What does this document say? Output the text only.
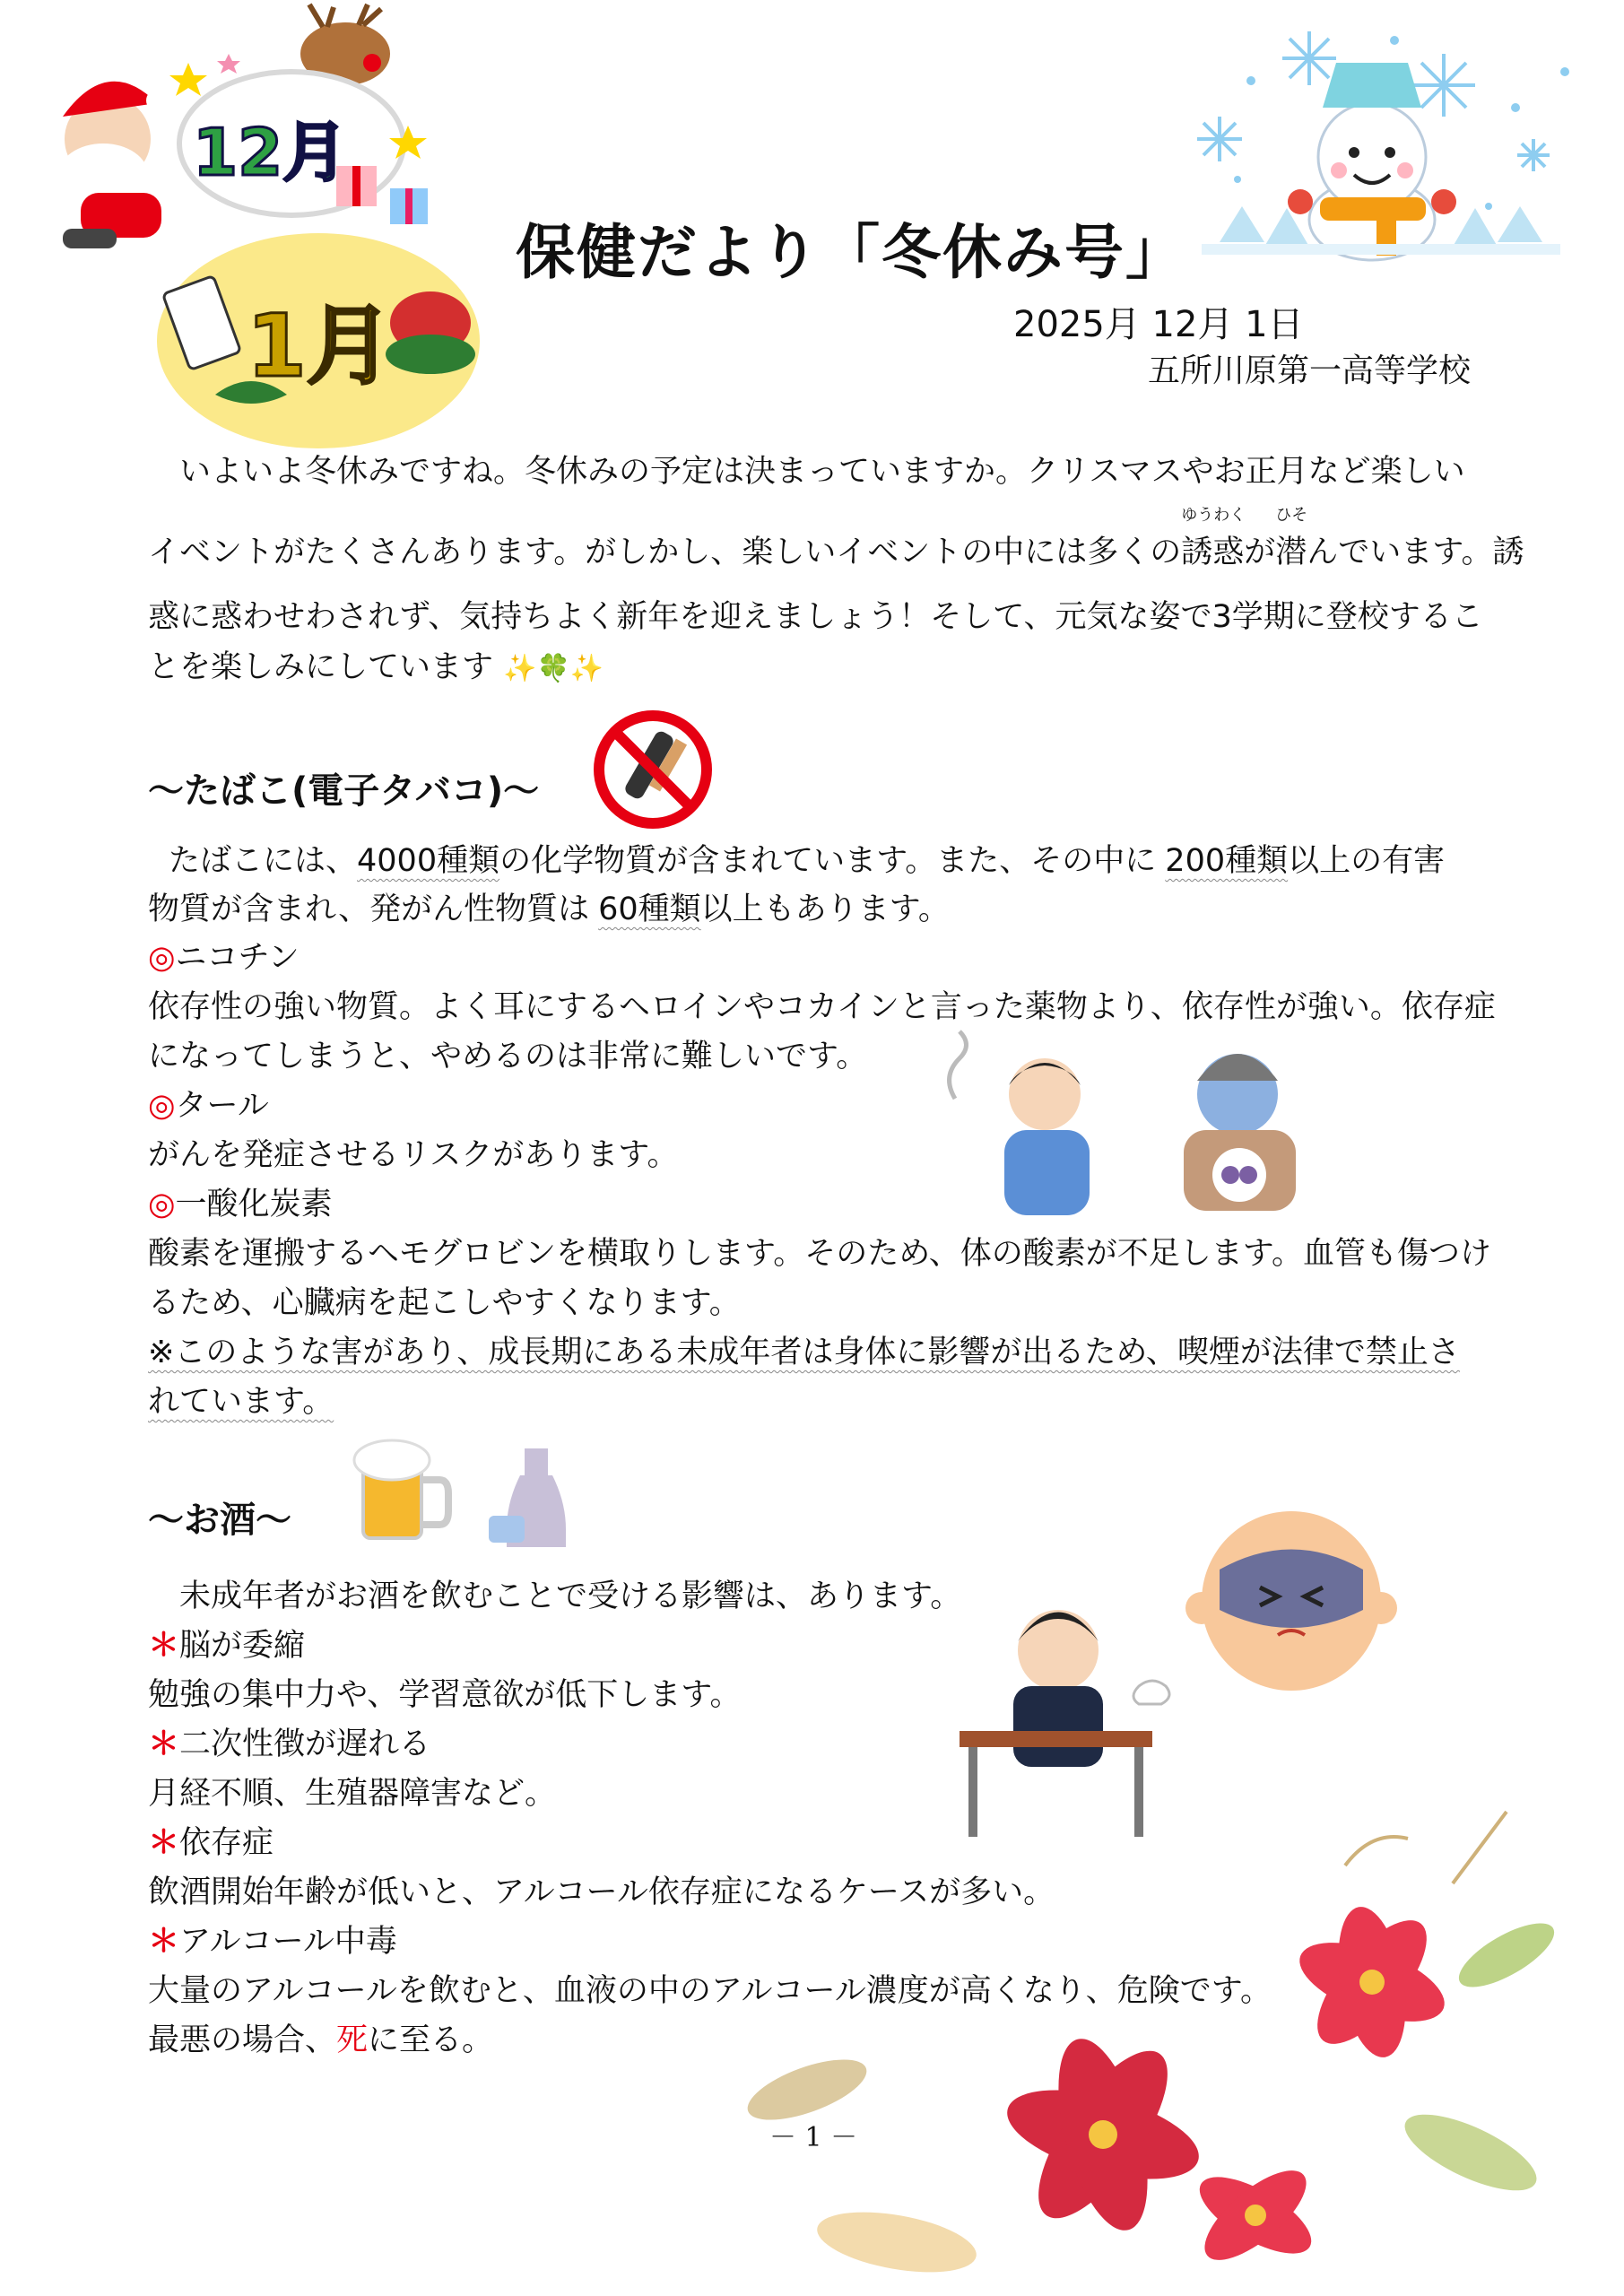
12月
1月
保健だより「冬休み号」
2025月 12月 1日
五所川原第一高等学校
いよいよ冬休みですね。冬休みの予定は決まっていますか。クリスマスやお正月など楽しい
イベントがたくさんあります。がしかし、楽しいイベントの中には多くの
ゆうわく
誘惑が
ひそ
潜んでいます。誘
惑に惑わせわされず、気持ちよく新年を迎えましょう！そして、元気な姿で3学期に登校するこ
とを楽しみにしています ✨🍀✨
～たばこ(電子タバコ)～
たばこには、4000種類の化学物質が含まれています。また、その中に 200種類以上の有害
物質が含まれ、発がん性物質は 60種類以上もあります。
◎ニコチン
依存性の強い物質。よく耳にするヘロインやコカインと言った薬物より、依存性が強い。依存症
になってしまうと、やめるのは非常に難しいです。
◎タール
がんを発症させるリスクがあります。
◎一酸化炭素
酸素を運搬するヘモグロビンを横取りします。そのため、体の酸素が不足します。血管も傷つけ
るため、心臓病を起こしやすくなります。
※このような害があり、成長期にある未成年者は身体に影響が出るため、喫煙が法律で禁止さ
れています。
～お酒～
未成年者がお酒を飲むことで受ける影響は、あります。
＊脳が委縮
勉強の集中力や、学習意欲が低下します。
＊二次性徴が遅れる
月経不順、生殖器障害など。
＊依存症
飲酒開始年齢が低いと、アルコール依存症になるケースが多い。
＊アルコール中毒
大量のアルコールを飲むと、血液の中のアルコール濃度が高くなり、危険です。
最悪の場合、死に至る。
－ 1 －
